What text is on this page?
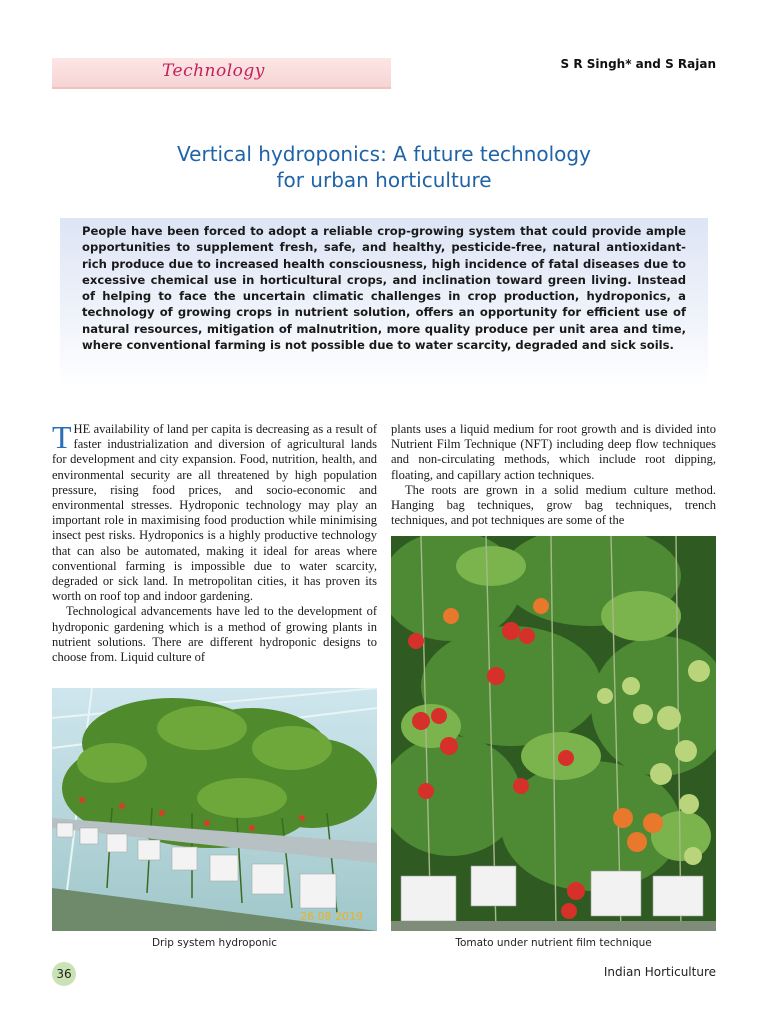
Technology	S R Singh* and S Rajan
Vertical hydroponics: A future technology
for urban horticulture

People have been forced to adopt a reliable crop-growing system that could provide ample opportunities to supplement fresh, safe, and healthy, pesticide-free, natural antioxidant-rich produce due to increased health consciousness, high incidence of fatal diseases due to excessive chemical use in horticultural crops, and inclination toward green living. Instead of helping to face the uncertain climatic challenges in crop production, hydroponics, a technology of growing crops in nutrient solution, offers an opportunity for efficient use of natural resources, mitigation of malnutrition, more quality produce per unit area and time, where conventional farming is not possible due to water scarcity, degraded and sick soils.

THE availability of land per capita is decreasing as a result of faster industrialization and diversion of agricultural lands for development and city expansion. Food, nutrition, health, and environmental security are all threatened by high population pressure, rising food prices, and socio-economic and environmental stresses. Hydroponic technology may play an important role in maximising food production while minimising insect pest risks. Hydroponics is a highly productive technology that can also be automated, making it ideal for areas where conventional farming is impossible due to water scarcity, degraded or sick land. In metropolitan cities, it has proven its worth on roof top and indoor gardening.

Technological advancements have led to the development of hydroponic gardening which is a method of growing plants in nutrient solutions. There are different hydroponic designs to choose from. Liquid culture of

plants uses a liquid medium for root growth and is divided into Nutrient Film Technique (NFT) including deep flow techniques and non-circulating methods, which include root dipping, floating, and capillary action techniques.

The roots are grown in a solid medium culture method. Hanging bag techniques, grow bag techniques, trench techniques, and pot techniques are some of the

26 08 2019
Drip system hydroponic	Tomato under nutrient film technique
36	Indian Horticulture
